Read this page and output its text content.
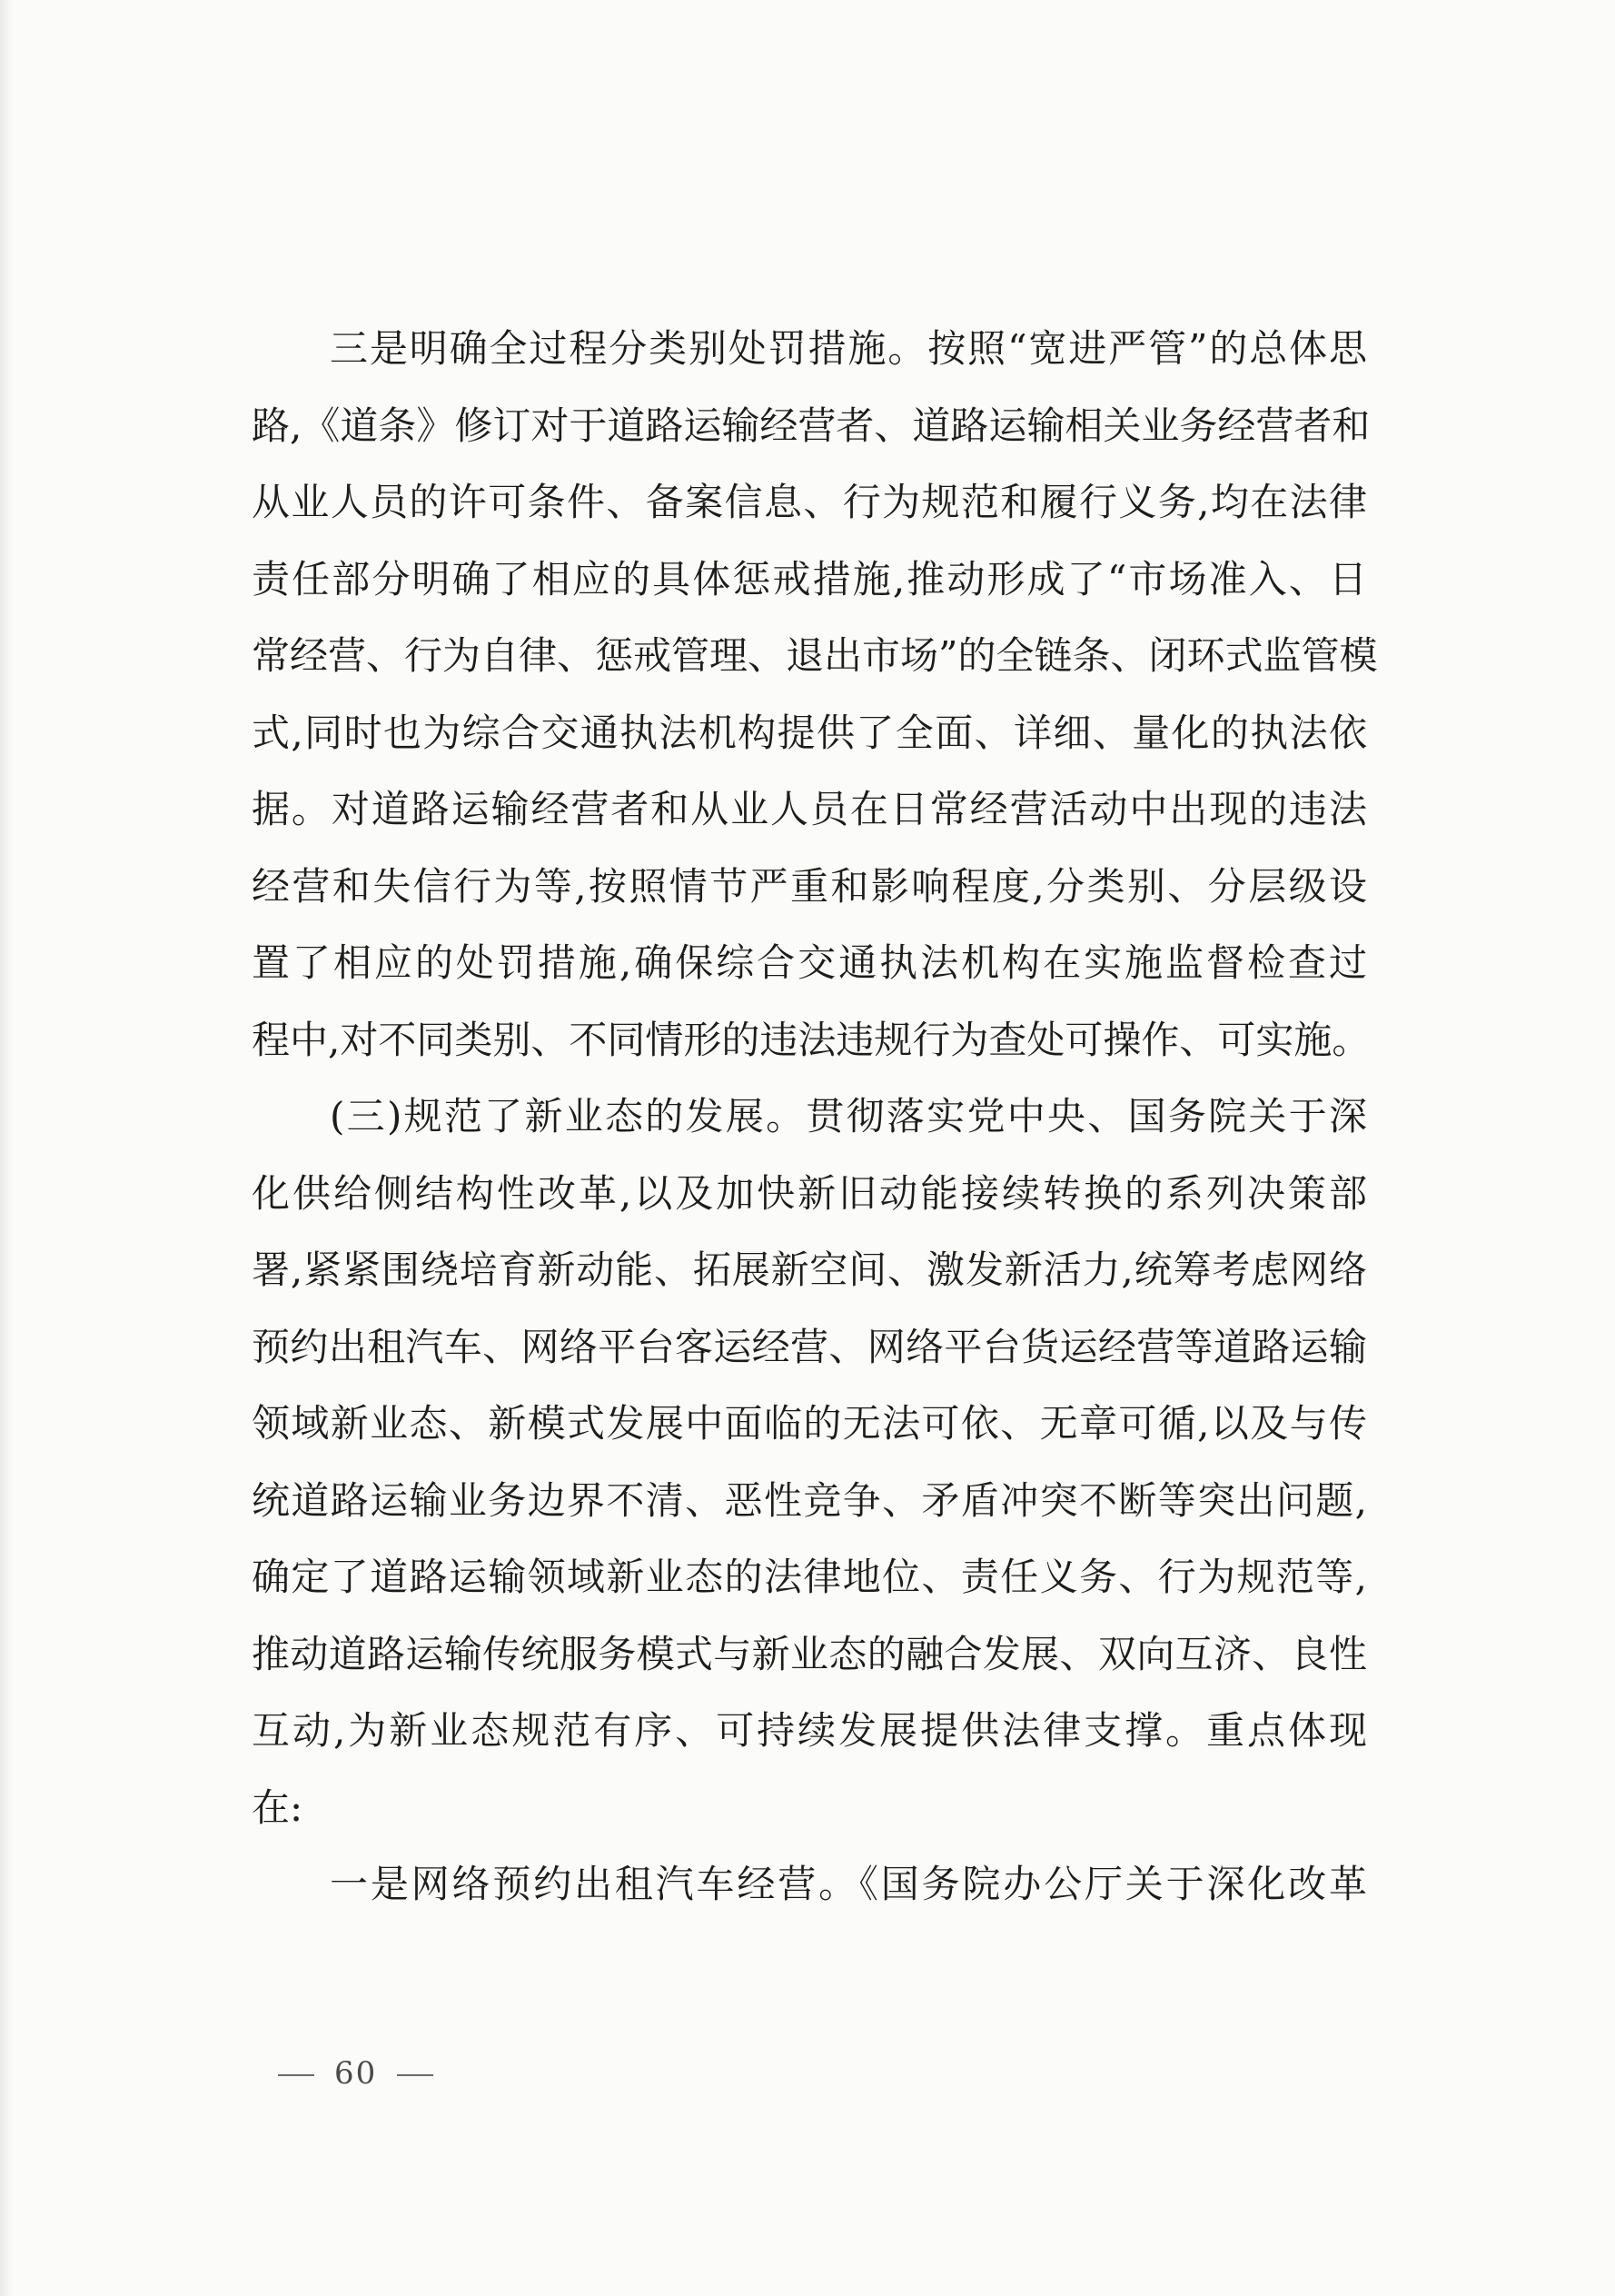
三是明确全过程分类别处罚措施。按照“宽进严管”的总体思
路,《道条》修订对于道路运输经营者、道路运输相关业务经营者和
从业人员的许可条件、备案信息、行为规范和履行义务,均在法律
责任部分明确了相应的具体惩戒措施,推动形成了“市场准入、日
常经营、行为自律、惩戒管理、退出市场”的全链条、闭环式监管模
式,同时也为综合交通执法机构提供了全面、详细、量化的执法依
据。对道路运输经营者和从业人员在日常经营活动中出现的违法
经营和失信行为等,按照情节严重和影响程度,分类别、分层级设
置了相应的处罚措施,确保综合交通执法机构在实施监督检查过
程中,对不同类别、不同情形的违法违规行为查处可操作、可实施。
(三)规范了新业态的发展。贯彻落实党中央、国务院关于深
化供给侧结构性改革,以及加快新旧动能接续转换的系列决策部
署,紧紧围绕培育新动能、拓展新空间、激发新活力,统筹考虑网络
预约出租汽车、网络平台客运经营、网络平台货运经营等道路运输
领域新业态、新模式发展中面临的无法可依、无章可循,以及与传
统道路运输业务边界不清、恶性竞争、矛盾冲突不断等突出问题,
确定了道路运输领域新业态的法律地位、责任义务、行为规范等,
推动道路运输传统服务模式与新业态的融合发展、双向互济、良性
互动,为新业态规范有序、可持续发展提供法律支撑。重点体现
在:
一是网络预约出租汽车经营。《国务院办公厅关于深化改革
60
